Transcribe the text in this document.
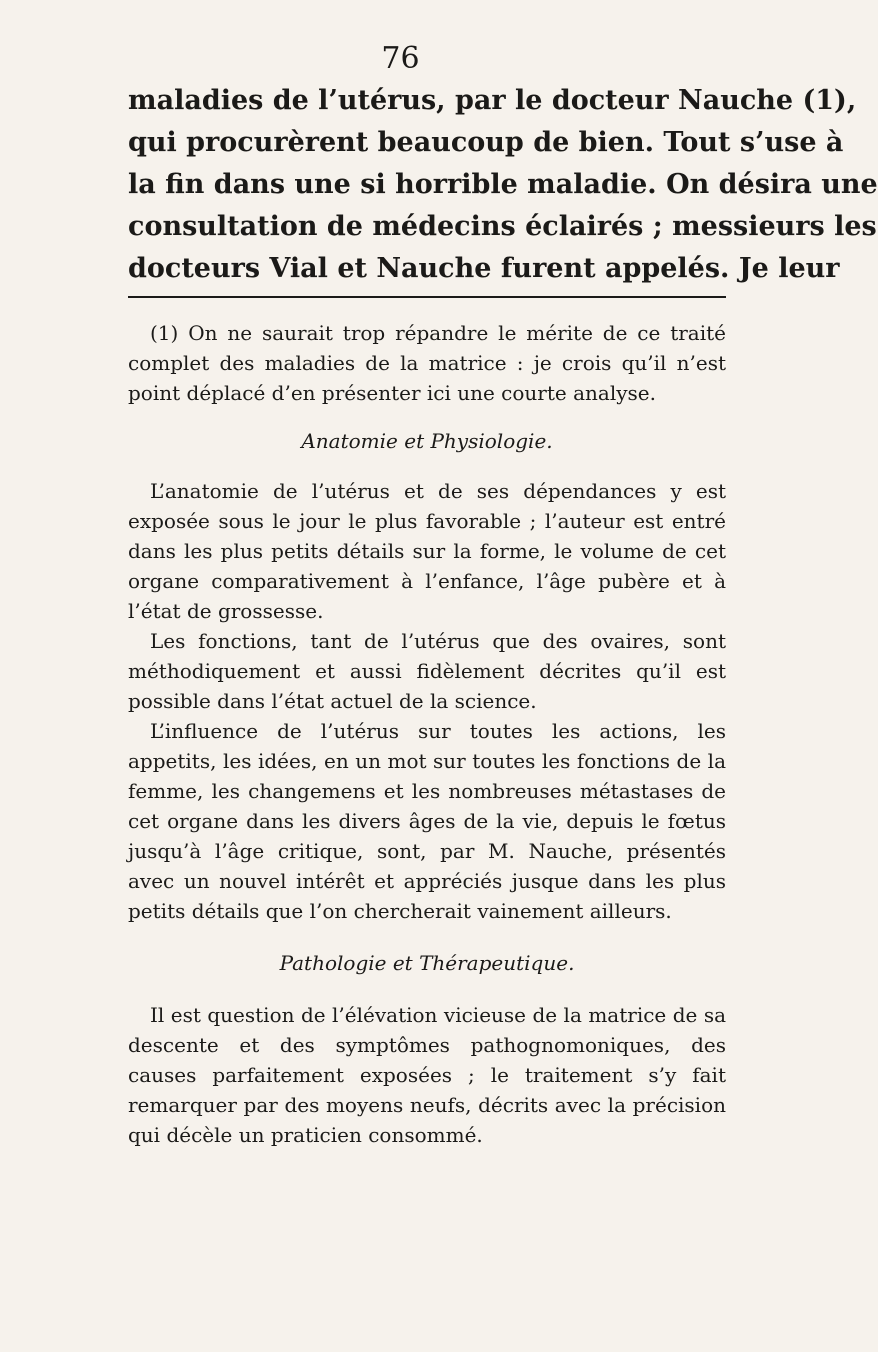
76
maladies de l’utérus, par le docteur Nauche (1),
qui procurèrent beaucoup de bien. Tout s’use à
la fin dans une si horrible maladie. On désira une
consultation de médecins éclairés ; messieurs les
docteurs Vial et Nauche furent appelés. Je leur

(1) On ne saurait trop répandre le mérite de ce traité complet des maladies de la matrice : je crois qu’il n’est point déplacé d’en présenter ici une courte analyse.

Anatomie et Physiologie.

L’anatomie de l’utérus et de ses dépendances y est exposée sous le jour le plus favorable ; l’auteur est entré dans les plus petits détails sur la forme, le volume de cet organe comparativement à l’enfance, l’âge pubère et à l’état de grossesse.

Les fonctions, tant de l’utérus que des ovaires, sont méthodiquement et aussi fidèlement décrites qu’il est possible dans l’état actuel de la science.

L’influence de l’utérus sur toutes les actions, les appetits, les idées, en un mot sur toutes les fonctions de la femme, les changemens et les nombreuses métastases de cet organe dans les divers âges de la vie, depuis le fœtus jusqu’à l’âge critique, sont, par M. Nauche, présentés avec un nouvel intérêt et appréciés jusque dans les plus petits détails que l’on chercherait vainement ailleurs.

Pathologie et Thérapeutique.

Il est question de l’élévation vicieuse de la matrice de sa descente et des symptômes pathognomoniques, des causes parfaitement exposées ; le traitement s’y fait remarquer par des moyens neufs, décrits avec la précision qui décèle un praticien consommé.
